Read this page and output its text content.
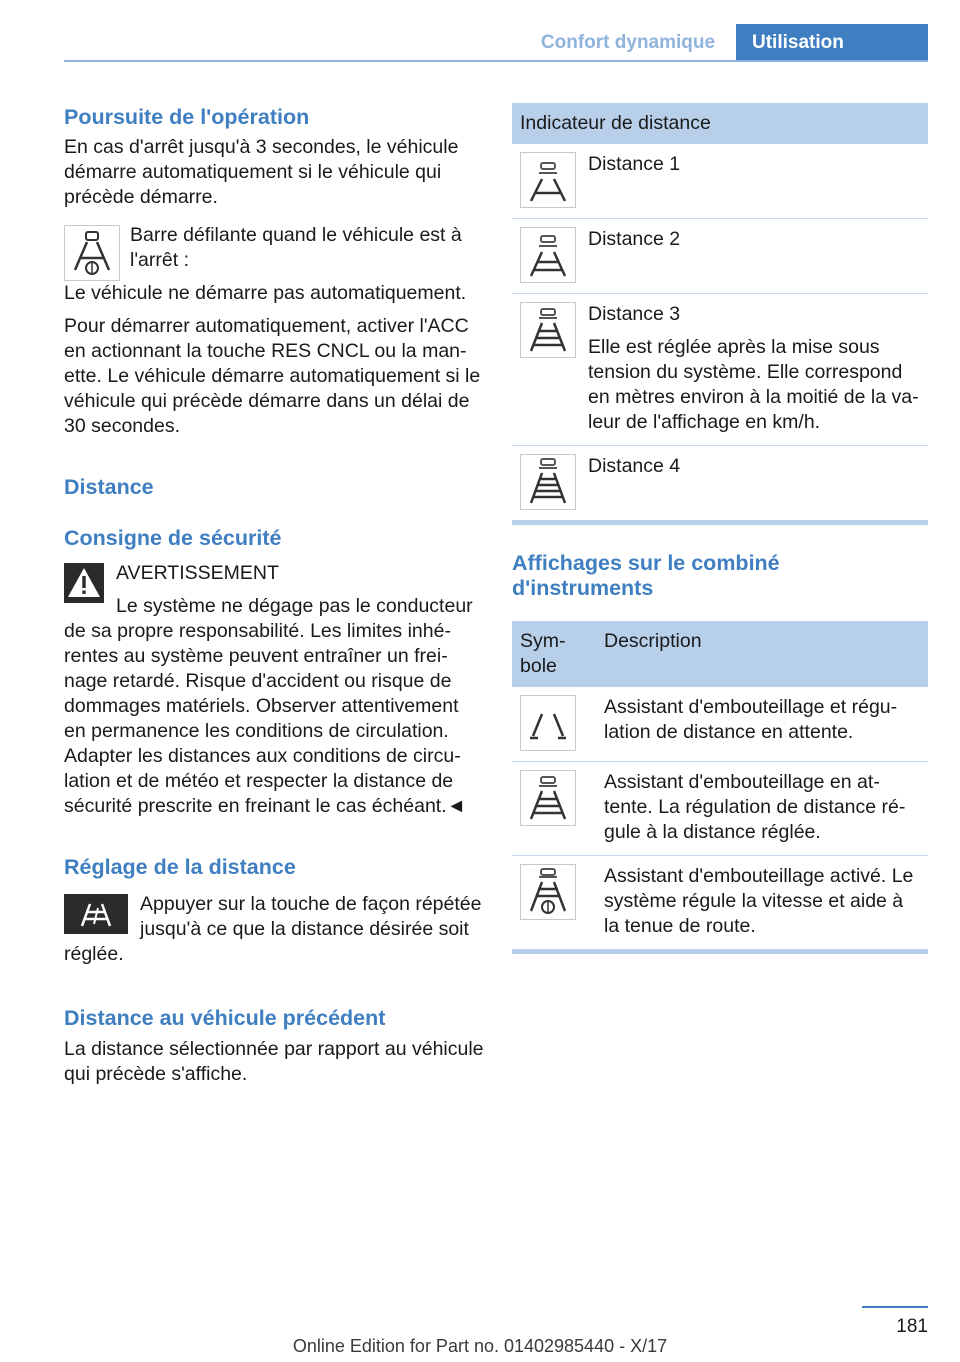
Confort dynamique	Utilisation
Poursuite de l'opération

En cas d'arrêt jusqu'à 3 secondes, le véhicule démarre automatiquement si le véhicule qui précède démarre.

Barre défilante quand le véhicule est à l'arrêt :

Le véhicule ne démarre pas automatiquement.

Pour démarrer automatiquement, activer l'ACC en actionnant la touche RES CNCL ou la manette. Le véhicule démarre automatiquement si le véhicule qui précède démarre dans un délai de 30 secondes.

Distance
Consigne de sécurité

AVERTISSEMENT

Le système ne dégage pas le conducteur de sa propre responsabilité. Les limites inhérentes au système peuvent entraîner un freinage retardé. Risque d'accident ou risque de dommages matériels. Observer attentivement en permanence les conditions de circulation. Adapter les distances aux conditions de circulation et de météo et respecter la distance de sécurité prescrite en freinant le cas échéant.◄

Réglage de la distance

Appuyer sur la touche de façon répétée jusqu'à ce que la distance désirée soit réglée.

Distance au véhicule précédent

La distance sélectionnée par rapport au véhicule qui précède s'affiche.

Indicateur de distance	

Distance 1

Distance 2

Distance 3

Elle est réglée après la mise sous tension du système. Elle correspond en mètres environ à la moitié de la valeur de l'affichage en km/h.

Distance 4

Affichages sur le combiné d'instruments
Symbole	Description

Assistant d'embouteillage et régulation de distance en attente.

Assistant d'embouteillage en attente. La régulation de distance régule à la distance réglée.

Assistant d'embouteillage activé. Le système régule la vitesse et aide à la tenue de route.

181
Online Edition for Part no. 01402985440 - X/17
